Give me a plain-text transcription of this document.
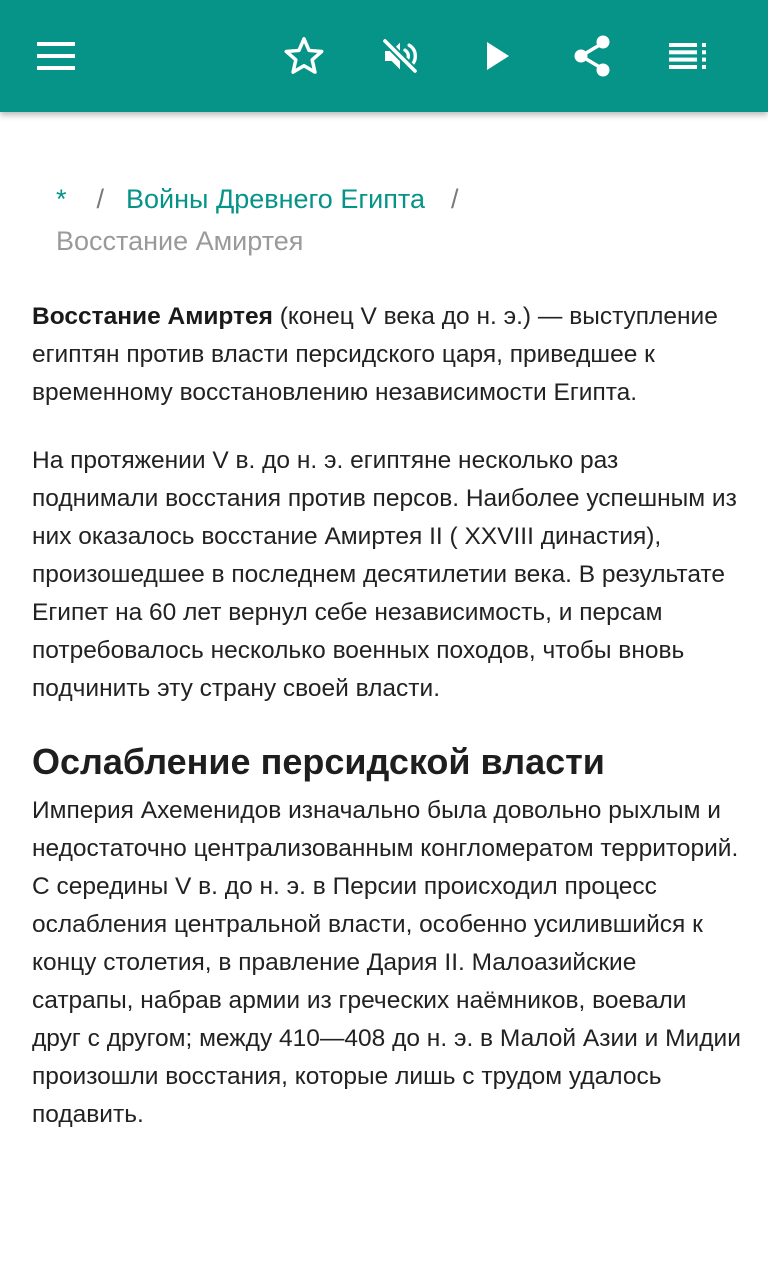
* / Войны Древнего Египта /
Восстание Амиртея

Восстание Амиртея (конец V века до н. э.) — выступление египтян против власти персидского царя, приведшее к временному восстановлению независимости Египта.

На протяжении V в. до н. э. египтяне несколько раз поднимали восстания против персов. Наиболее успешным из них оказалось восстание Амиртея II ( XXVIII династия), произошедшее в последнем десятилетии века. В результате Египет на 60 лет вернул себе независимость, и персам потребовалось несколько военных походов, чтобы вновь подчинить эту страну своей власти.

Ослабление персидской власти

Империя Ахеменидов изначально была довольно рыхлым и недостаточно централизованным конгломератом территорий. С середины V в. до н. э. в Персии происходил процесс ослабления центральной власти, особенно усилившийся к концу столетия, в правление Дария II. Малоазийские сатрапы, набрав армии из греческих наёмников, воевали друг с другом; между 410—408 до н. э. в Малой Азии и Мидии произошли восстания, которые лишь с трудом удалось подавить.
